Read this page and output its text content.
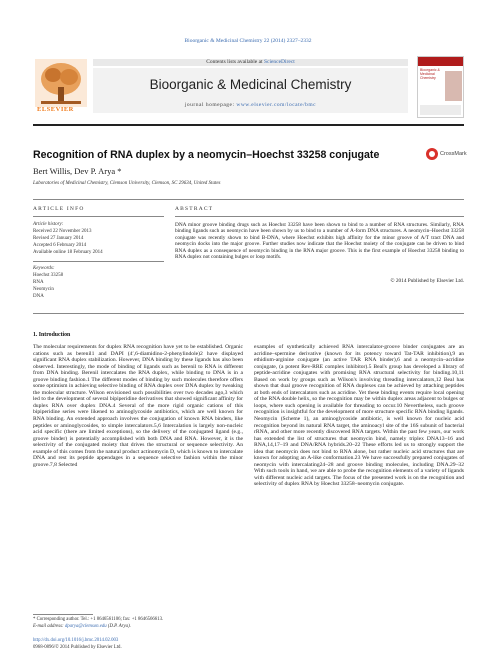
Bioorganic & Medicinal Chemistry 22 (2014) 2327–2332
ELSEVIER
Contents lists available at ScienceDirect
Bioorganic & Medicinal Chemistry
journal homepage: www.elsevier.com/locate/bmc
Bioorganic & Medicinal Chemistry
Recognition of RNA duplex by a neomycin–Hoechst 33258 conjugate	CrossMark
Bert Willis, Dev P. Arya *
Laboratories of Medicinal Chemistry, Clemson University, Clemson, SC 29634, United States
ARTICLE INFO	ABSTRACT
Article history:
Received 22 November 2013
Revised 27 January 2014
Accepted 6 February 2014
Available online 18 February 2014
Keywords:
Hoechst 33258
RNA
Neomycin
DNA
DNA minor groove binding drugs such as Hoechst 33258 have been shown to bind to a number of RNA structures. Similarly, RNA binding ligands such as neomycin have been shown by us to bind to a number of A-form DNA structures. A neomycin–Hoechst 33258 conjugate was recently shown to bind B-DNA, where Hoechst exhibits high affinity for the minor groove of A/T tract DNA and neomycin docks into the major groove. Further studies now indicate that the Hoechst moiety of the conjugate can be driven to bind RNA duplex as a consequence of neomycin binding in the RNA major groove. This is the first example of Hoechst 33258 binding to RNA duplex not containing bulges or loop motifs.
© 2014 Published by Elsevier Ltd.
1. Introduction
The molecular requirements for duplex RNA recognition have yet to be established. Organic cations such as berenil1 and DAPI (4′,6-diamidino-2-phenylindole)2 have displayed significant RNA duplex stabilization. However, DNA binding by these ligands has also been observed. Interestingly, the mode of binding of ligands such as berenil to RNA is different from DNA binding. Berenil intercalates the RNA duplex, while binding to DNA is in a groove binding fashion.1 The different modes of binding by such molecules therefore offers some optimism in achieving selective binding of RNA duplex over DNA duplex by tweaking the molecular structure. Wilson envisioned such possibilities over two decades ago,3 which led to the development of several bipiperidine derivatives that showed significant affinity for duplex RNA over duplex DNA.4 Several of the more rigid organic cations of this bipiperidine series were likened to aminoglycoside antibiotics, which are well known for RNA binding. An extended approach involves the conjugation of known RNA binders, like peptides or aminoglycosides, to simple intercalators.5,6 Intercalation is largely non-nucleic acid specific (there are limited exceptions), so the delivery of the conjugated ligand (e.g., groove binder) is potentially accomplished with both DNA and RNA. However, it is the selectivity of the conjugated moiety that drives the structural or sequence selectivity. An example of this comes from the natural product actinomycin D, which is known to intercalate DNA and rest its peptide appendages in a sequence selective fashion within the minor groove.7,8 Selected
examples of synthetically achieved RNA intercalator-groove binder conjugates are an acridine–spermine derivative (known for its potency toward Tat-TAR inhibition),9 an ethidium-arginine conjugate (an active TAR RNA binder),6 and a neomycin–acridine conjugate, (a potent Rev-RRE complex inhibitor).5 Beal's group has developed a library of peptide-acridine conjugates with promising RNA structural selectivity for binding.10,11 Based on work by groups such as Wilson's involving threading intercalators,12 Beal has shown that dual groove recognition of RNA duplexes can be achieved by attaching peptides at both ends of intercalators such as acridine. Yet these binding events require local opening of the RNA double helix, so the recognition may be within duplex areas adjacent to bulges or loops, where such opening is available for threading to occur.10 Nevertheless, such groove recognition is insightful for the development of more structure specific RNA binding ligands. Neomycin (Scheme 1), an aminoglycoside antibiotic, is well known for nucleic acid recognition beyond its natural RNA target, the aminoacyl site of the 16S subunit of bacterial rRNA, and other more recently discovered RNA targets. Within the past few years, our work has extended the list of structures that neomycin bind, namely triplex DNA13–16 and RNA,14,17–19 and DNA/RNA hybrids.20–22 These efforts led us to strongly support the idea that neomycin does not bind to RNA alone, but rather nucleic acid structures that are known for adopting an A-like conformation.23 We have successfully prepared conjugates of neomycin with intercalating24–28 and groove binding molecules, including DNA.29–32 With such tools in hand, we are able to probe the recognition elements of a variety of ligands with different nucleic acid targets. The focus of the presented work is on the recognition and selectivity of duplex RNA by Hoechst 33258–neomycin conjugate.
* Corresponding author. Tel.: +1 8646561106; fax: +1 8646566613.
E-mail address: dparya@clemson.edu (D.P. Arya).
http://dx.doi.org/10.1016/j.bmc.2014.02.003
0968-0896/© 2014 Published by Elsevier Ltd.
